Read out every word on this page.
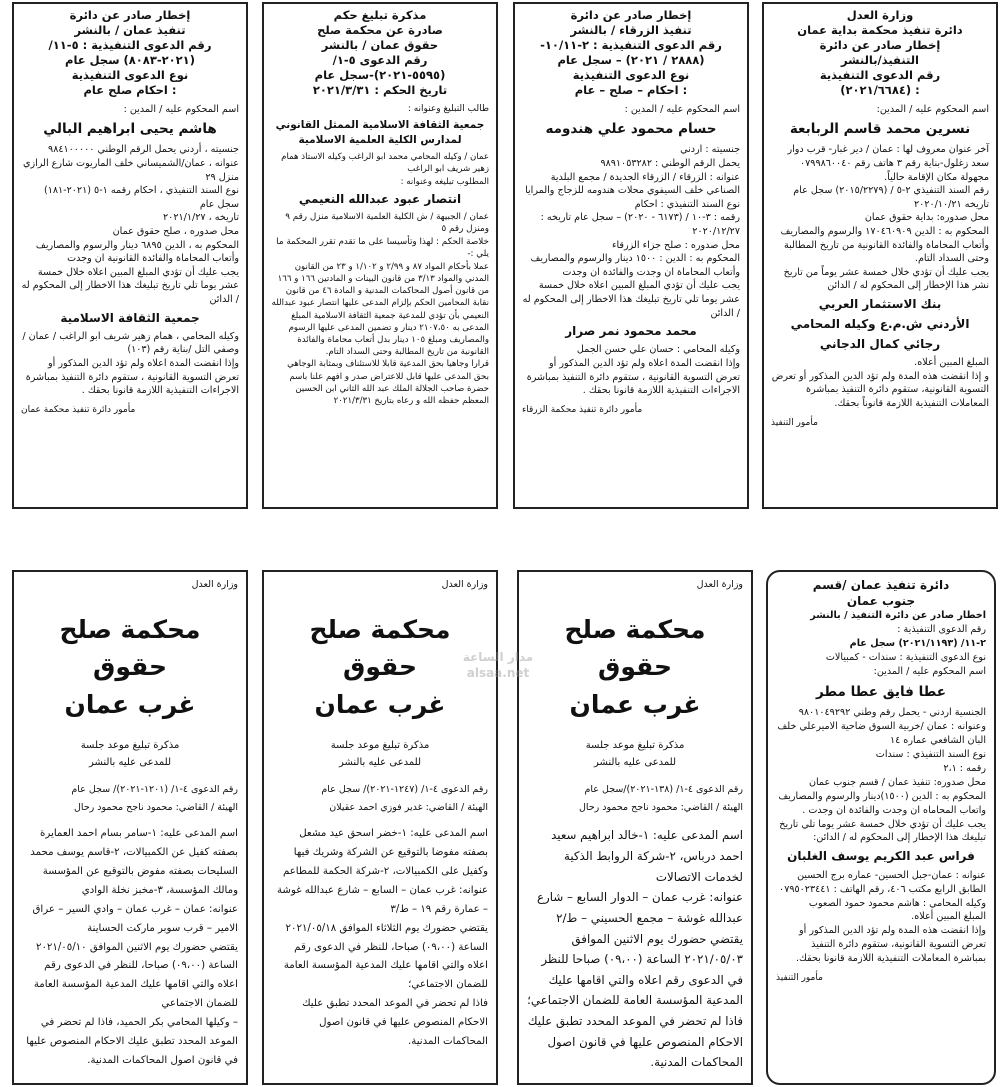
وزارة العدل
دائرة تنفيذ محكمة بداية عمان
إخطار صادر عن دائرة
التنفيذ/بالنشر
رقم الدعوى التنفيذية
: (٢٠٢١/٦٦٨٤)
اسم المحكوم عليه / المدين:
نسرين محمد قاسم الربابعة
آخر عنوان معروف لها : عمان / دير غبار- قرب دوار سعد زغلول-بناية رقم ٣ هاتف رقم ٠٧٩٩٨٦٠٠٤٠ مجهولة مكان الإقامة حالياً.
رقم السند التنفيذي ٢-٥ / (٢٠١٥/٢٢٧٩) سجل عام تاريخه ٢٠٢٠/١٠/٢١
محل صدوره: بداية حقوق عمان
المحكوم به : الدين ١٧٠٤٦٠٩٠٩ والرسوم والمصاريف وأتعاب المحاماة والفائدة القانونية من تاريخ المطالبة وحتى السداد التام.
يجب عليك أن تؤدي خلال خمسة عشر يوماً من تاريخ نشر هذا الإخطار إلى المحكوم له / الدائن
بنك الاستثمار العربي
الأردني ش.م.ع وكيله المحامي
رجائي كمال الدجاني
المبلغ المبين أعلاه.
و إذا انقضت هذه المدة ولم تؤد الدين المذكور أو تعرض التسوية القانونية، ستقوم دائرة التنفيذ بمباشرة المعاملات التنفيذية اللازمة قانوناً بحقك.
مأمور التنفيذ
إخطار صادر عن دائرة
تنفيذ الزرقاء / بالنشر
رقم الدعوى التنفيذية : ٢-١٠/١١-
(٢٨٨٨ / ٢٠٢١) – سجل عام
نوع الدعوى التنفيذية
: احكام – صلح – عام
اسم المحكوم عليه / المدين :
حسام محمود علي هندومه
جنسيته : اردني
يحمل الرقم الوطني : ٩٨٩١٠٥٣٢٨٢
عنوانه : الزرقاء / الزرقاء الجديدة / مجمع البلدية الصناعي خلف السيفوي محلات هندومه للزجاج والمرايا
نوع السند التنفيذي : احكام
رقمه : ٣-١٠ / (٦١٧٣ - ٢٠٢٠) – سجل عام تاريخه : ٢٠٢٠/١٢/٢٧
محل صدوره : صلح جزاء الزرقاء
المحكوم به : الدين : ١٥٠٠ دينار والرسوم والمصاريف وأتعاب المحاماة ان وجدت والفائدة ان وجدت
يجب عليك أن تؤدي المبلغ المبين اعلاه خلال خمسة عشر يوما تلي تاريخ تبليغك هذا الاخطار إلى المحكوم له / الدائن
محمد محمود نمر صرار
وكيله المحامي : حسان علي حسن الجمل
وإذا انقضت المدة اعلاه ولم تؤد الدين المذكور أو تعرض التسوية القانونية ، ستقوم دائرة التنفيذ بمباشرة الاجراءات التنفيذية اللازمة قانونا بحقك .
مأمور دائرة تنفيذ محكمة الزرقاء
مذكرة تبليغ حكم
صادرة عن محكمة صلح
حقوق عمان / بالنشر
رقم الدعوى ٥-١/
(٥٥٩٥-٢٠٢١)-سجل عام
تاريخ الحكم : ٢٠٢١/٣/٣١
طالب التبليغ وعنوانه :
جمعية الثقافة الاسلامية الممثل القانوني لمدارس الكلية العلمية الاسلامية
عمان / وكيله المحامي محمد ابو الراغب وكيله الاستاذ همام زهير شريف ابو الراغب
المطلوب تبليغه وعنوانه :
انتصار عبود عبدالله النعيمي
عمان / الجبيهة / ش الكلية العلمية الاسلامية منزل رقم ٩ ومنزل رقم ٥
خلاصة الحكم : لهذا وتأسيسا على ما تقدم تقرر المحكمة ما يلي :-
عملا بأحكام المواد ٨٧ و ٢/٩٩ و ١/١٠٢ و ٢٣ من القانون المدني والمواد ٣/١٣ من قانون البينات و المادتين ١٦٦ و ١٦٦ من قانون أصول المحاكمات المدنية و المادة ٤٦ من قانون نقابة المحامين الحكم بإلزام المدعى عليها انتصار عبود عبدالله النعيمي بأن تؤدي للمدعية جمعية الثقافة الاسلامية المبلغ المدعى به ٢١٠٧،٥٠ دينار و تضمين المدعى عليها الرسوم والمصاريف ومبلغ ١٠٥ دينار بدل أتعاب محاماة والفائدة القانونية من تاريخ المطالبة وحتى السداد التام.
قرارا وجاهيا بحق المدعية قابلا للاستئناف وبمثابة الوجاهي بحق المدعى عليها قابل للاعتراض صدر و افهم علنا باسم حضرة صاحب الجلالة الملك عبد الله الثاني ابن الحسين المعظم حفظه الله و رعاه بتاريخ ٢٠٢١/٣/٣١
إخطار صادر عن دائرة
تنفيذ عمان / بالنشر
رقم الدعوى التنفيذية : ٥-١١/
(٢٠٢١-٨٠٨٣) سجل عام
نوع الدعوى التنفيذية
: احكام صلح عام
اسم المحكوم عليه / المدين :
هاشم يحيى ابراهيم البالي
جنسيته ، أردني يحمل الرقم الوطني ٩٨٤١٠٠٠٠٠
عنوانه ، عمان/الشميساني خلف الماريوت شارع الرازي منزل ٢٩
نوع السند التنفيذي ، احكام رقمه ١-٥ (٢٠٢١-١٨١) سجل عام
تاريخه ، ٢٠٢١/١/٢٧
محل صدوره ، صلح حقوق عمان
المحكوم به ، الدين ٦٨٩٥ دينار والرسوم والمصاريف وأتعاب المحاماة والفائدة القانونية ان وجدت
يجب عليك أن تؤدي المبلغ المبين اعلاه خلال خمسة عشر يوما تلي تاريخ تبليغك هذا الاخطار إلى المحكوم له / الدائن
جمعية الثقافة الاسلامية
وكيله المحامي ، همام زهير شريف ابو الراغب / عمان / وصفي التل /بناية رقم (١٠٣)
وإذا انقضت المدة اعلاه ولم تؤد الدين المذكور أو تعرض التسوية القانونية ، ستقوم دائرة التنفيذ بمباشرة الاجراءات التنفيذية اللازمة قانونا بحقك .
مأمور دائرة تنفيذ محكمة عمان
دائرة تنفيذ عمان /قسم
جنوب عمان
اخطار صادر عن دائرة التنفيذ / بالنشر
رقم الدعوى التنفيذية :
٢-١١/ (٢٠٢١/١١٩٣) سجل عام
نوع الدعوى التنفيذية : سندات - كمبيالات
اسم المحكوم عليه / المدين:
عطا فايق عطا مطر
الجنسية اردني - يحمل رقم وطني ٩٨٠١٠٤٩٢٩٢
وعنوانه : عمان /خربية السوق ضاحية الاميرعلي خلف البان الشافعي عماره ١٤
نوع السند التنفيذي : سندات
رقمه : ٢،١
محل صدوره: تنفيذ عمان / قسم جنوب عمان
المحكوم به : الدين (١٥٠٠)دينار والرسوم والمصاريف واتعاب المحاماه ان وجدت والفائدة ان وجدت .
يجب عليك أن تؤدي خلال خمسة عشر يوما تلي تاريخ تبليغك هذا الإخطار إلى المحكوم له / الدائن:
فراس عبد الكريم يوسف الغلبان
عنوانه : عمان-جبل الحسين- عماره برج الحسين الطابق الرابع مكتب ٤٠٦، رقم الهاتف : ٠٧٩٥٠٢٣٤٤١
وكيله المحامي : هاشم محمود حمود الصعوب
المبلغ المبين أعلاه.
وإذا انقضت هذه المدة ولم تؤد الدين المذكور أو تعرض التسوية القانونية، ستقوم دائرة التنفيذ بمباشرة المعاملات التنفيذية اللازمة قانونا بحقك.
مأمور التنفيذ
وزارة العدل
محكمة صلح حقوق
غرب عمان
مذكرة تبليغ موعد جلسة
للمدعى عليه بالنشر
رقم الدعوى ٤-١/ (١٣٨-٢٠٢١)/سجل عام
الهيئة / القاضي: محمود ناجح محمود رحال
اسم المدعى عليه: ١-خالد ابراهيم سعيد احمد درباس، ٢-شركة الروابط الذكية لخدمات الاتصالات
عنوانه: غرب عمان – الدوار السابع – شارع عبدالله غوشة – مجمع الحسيني – ط/٢
يقتضي حضورك يوم الاثنين الموافق ٢٠٢١/٠٥/٠٣ الساعة (٠٩،٠٠) صباحا للنظر في الدعوى رقم اعلاه والتي اقامها عليك المدعية المؤسسة العامة للضمان الاجتماعي؛ فاذا لم تحضر في الموعد المحدد تطبق عليك الاحكام المنصوص عليها في قانون اصول المحاكمات المدنية.
وزارة العدل
محكمة صلح حقوق
غرب عمان
مذكرة تبليغ موعد جلسة
للمدعى عليه بالنشر
رقم الدعوى ٤-١/ (١٢٤٧-٢٠٢١)/ سجل عام
الهيئة / القاضي: غدير فوزي احمد عقيلان
اسم المدعى عليه: ١-خضر اسحق عيد مشعل بصفته مفوضا بالتوقيع عن الشركة وشريك فيها وكفيل على الكمبيالات، ٢-شركة الحكمة للمطاعم
عنوانه: غرب عمان – السابع – شارع عبدالله غوشة – عمارة رقم ١٩ – ط/٣
يقتضي حضورك يوم الثلاثاء الموافق ٢٠٢١/٠٥/١٨ الساعة (٠٩،٠٠) صباحا، للنظر في الدعوى رقم اعلاه والتي اقامها عليك المدعية المؤسسة العامة للضمان الاجتماعي؛
فاذا لم تحضر في الموعد المحدد تطبق عليك الاحكام المنصوص عليها في قانون اصول المحاكمات المدنية.
وزارة العدل
محكمة صلح حقوق
غرب عمان
مذكرة تبليغ موعد جلسة
للمدعى عليه بالنشر
رقم الدعوى ٤-١/ (١٢٠١-٢٠٢١)/ سجل عام
الهيئة / القاضي: محمود ناجح محمود رحال
اسم المدعى عليه: ١-سامر بسام احمد العمايرة بصفته كفيل عن الكمبيالات، ٢-قاسم يوسف محمد السليحات بصفته مفوض بالتوقيع عن المؤسسة ومالك المؤسسة، ٣-مخبز نخلة الوادي
عنوانه: عمان – غرب عمان – وادي السير – عراق الامير – قرب سوبر ماركت الحساينة
يقتضي حضورك يوم الاثنين الموافق ٢٠٢١/٠٥/١٠ الساعة (٠٩،٠٠) صباحا، للنظر في الدعوى رقم اعلاه والتي اقامها عليك المدعية المؤسسة العامة للضمان الاجتماعي
– وكيلها المحامي بكر الحميد، فاذا لم تحضر في الموعد المحدد تطبق عليك الاحكام المنصوص عليها في قانون اصول المحاكمات المدنية.
مدار الساعة
alsaa.net
